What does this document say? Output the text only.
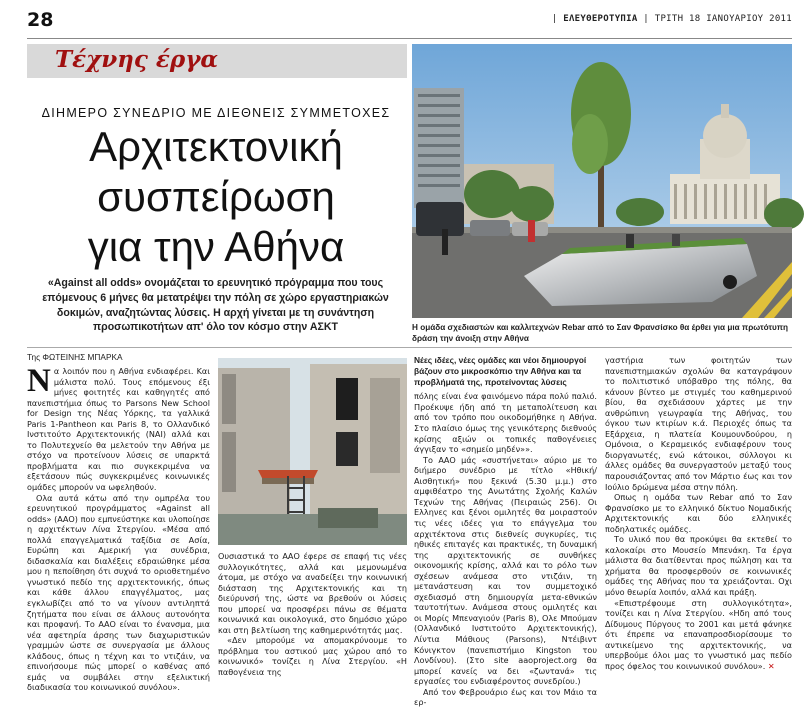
28	| ΕΛΕΥΘΕΡΟΤΥΠΙΑ | ΤΡΙΤΗ 18 ΙΑΝΟΥΑΡΙΟΥ 2011
Τέχνης έργα
ΔΙΗΜΕΡΟ ΣΥΝΕΔΡΙΟ ΜΕ ΔΙΕΘΝΕΙΣ ΣΥΜΜΕΤΟΧΕΣ
Αρχιτεκτονική
συσπείρωση
για την Αθήνα
«Against all odds» ονομάζεται το ερευνητικό πρόγραμμα που τους επόμενους 6 μήνες θα μετατρέψει την πόλη σε χώρο εργαστηριακών δοκιμών, αναζητώντας λύσεις. Η αρχή γίνεται με τη συνάντηση προσωπικοτήτων απ' όλο τον κόσμο στην ΑΣΚΤ	Η ομάδα σχεδιαστών και καλλιτεχνών Rebar από το Σαν Φρανσίσκο θα έρθει για μια πρωτότυπη δράση την άνοιξη στην Αθήνα
Της ΦΩΤΕΙΝΗΣ ΜΠΑΡΚΑ

Να λοιπόν που η Αθήνα ενδιαφέρει. Και μάλιστα πολύ. Τους επόμενους έξι μήνες φοιτητές και καθηγητές από πανεπιστήμια όπως το Parsons New School for Design της Νέας Υόρκης, τα γαλλικά Paris 1-Pantheon και Paris 8, το Ολλανδικό Ινστιτούτο Αρχιτεκτονικής (NAI) αλλά και το Πολυτεχνείο θα μελετούν την Αθήνα με στόχο να προτείνουν λύσεις σε υπαρκτά προβλήματα και πιο συγκεκριμένα να εξετάσουν πώς συγκεκριμένες κοινωνικές ομάδες μπορούν να ωφεληθούν.

Ολα αυτά κάτω από την ομπρέλα του ερευνητικού προγράμματος «Against all odds» (ΑΑΟ) που εμπνεύστηκε και υλοποίησε η αρχιτέκτων Λίνα Στεργίου. «Μέσα από πολλά επαγγελματικά ταξίδια σε Ασία, Ευρώπη και Αμερική για συνέδρια, διδασκαλία και διαλέξεις εδραιώθηκε μέσα μου η πεποίθηση ότι συχνά το οριοθετημένο γνωστικό πεδίο της αρχιτεκτονικής, όπως και κάθε άλλου επαγγέλματος, μας εγκλωβίζει από το να γίνουν αντιληπτά ζητήματα που είναι σε άλλους αυτονόητα και προφανή. Το ΑΑΟ είναι το ένανσμα, μια νέα αφετηρία άρσης των διαχωριστικών γραμμών ώστε σε συνεργασία με άλλους κλάδους, όπως η τέχνη και το ντιζάιν, να επινοήσουμε πώς μπορεί ο καθένας από εμάς να συμβάλει στην εξελικτική διαδικασία του κοινωνικού συνόλου».

Ουσιαστικά το ΑΑΟ έφερε σε επαφή τις νέες συλλογικότητες, αλλά και μεμονωμένα άτομα, με στόχο να αναδείξει την κοινωνική διάσταση της Αρχιτεκτονικής και τη διεύρυνσή της, ώστε να βρεθούν οι λύσεις που μπορεί να προσφέρει πάνω σε θέματα κοινωνικά και οικολογικά, στο δημόσιο χώρο και στη βελτίωση της καθημερινότητάς μας.

«Δεν μπορούμε να απομακρύνουμε το πρόβλημα του αστικού μας χώρου από το κοινωνικό» τονίζει η Λίνα Στεργίου. «Η παθογένεια της

Νέες ιδέες, νέες ομάδες και νέοι δημιουργοί βάζουν στο μικροσκόπιο την Αθήνα και τα προβλήματά της, προτείνοντας λύσεις

πόλης είναι ένα φαινόμενο πάρα πολύ παλιό. Προέκυψε ήδη από τη μεταπολίτευση και από τον τρόπο που οικοδομήθηκε η Αθήνα. Στο πλαίσιο όμως της γενικότερης διεθνούς κρίσης αξιών οι τοπικές παθογένειες άγγιξαν το «σημείο μηδέν»».

Το ΑΑΟ μάς «συστήνεται» αύριο με το διήμερο συνέδριο με τίτλο «Ηθική/Αισθητική» που ξεκινά (5.30 μ.μ.) στο αμφιθέατρο της Ανωτάτης Σχολής Καλών Τεχνών της Αθήνας (Πειραιώς 256). Οι Ελληνες και ξένοι ομιλητές θα μοιραστούν τις νέες ιδέες για το επάγγελμα του αρχιτέκτονα στις διεθνείς συγκυρίες, τις ηθικές επιταγές και πρακτικές, τη δυναμική της αρχιτεκτονικής σε συνθήκες οικονομικής κρίσης, αλλά και το ρόλο των σχέσεων ανάμεσα στο ντιζάιν, τη μετανάστευση και τον συμμετοχικό σχεδιασμό στη δημιουργία μετα-εθνικών ταυτοτήτων. Ανάμεσα στους ομιλητές και οι Μορίς Μπεναγιούν (Paris 8), Ολε Μπούμαν (Ολλανδικό Ινστιτούτο Αρχιτεκτονικής), Λίντια Μάθιους (Parsons), Ντέιβιντ Κόνιγκτον (πανεπιστήμιο Kingston του Λονδίνου). (Στο site aaoproject.org θα μπορεί κανείς να δει «ζωντανά» τις εργασίες του ενδιαφέροντος συνεδρίου.)

Από τον Φεβρουάριο έως και τον Μάιο τα ερ-

γαστήρια των φοιτητών των πανεπιστημιακών σχολών θα καταγράψουν το πολιτιστικό υπόβαθρο της πόλης, θα κάνουν βίντεο με στιγμές του καθημερινού βίου, θα σχεδιάσουν χάρτες με την ανθρώπινη γεωγραφία της Αθήνας, του όγκου των κτιρίων κ.ά. Περιοχές όπως τα Εξάρχεια, η πλατεία Κουμουνδούρου, η Ομόνοια, ο Κεραμεικός ενδιαφέρουν τους διοργανωτές, ενώ κάτοικοι, σύλλογοι κι άλλες ομάδες θα συνεργαστούν μεταξύ τους παρουσιάζοντας από τον Μάρτιο έως και τον Ιούλιο δρώμενα μέσα στην πόλη.

Οπως η ομάδα των Rebar από το Σαν Φρανσίσκο με το ελληνικό δίκτυο Νομαδικής Αρχιτεκτονικής και δύο ελληνικές ποδηλατικές ομάδες.

Το υλικό που θα προκύψει θα εκτεθεί το καλοκαίρι στο Μουσείο Μπενάκη. Τα έργα μάλιστα θα διατίθενται προς πώληση και τα χρήματα θα προσφερθούν σε κοινωνικές ομάδες της Αθήνας που τα χρειάζονται. Οχι μόνο θεωρία λοιπόν, αλλά και πράξη.

«Επιστρέφουμε στη συλλογικότητα», τονίζει και η Λίνα Στεργίου. «Ηδη από τους Δίδυμους Πύργους το 2001 και μετά φάνηκε ότι έπρεπε να επαναπροσδιορίσουμε το αντικείμενο της αρχιτεκτονικής, να υπερβούμε όλοι μας το γνωστικό μας πεδίο προς όφελος του κοινωνικού συνόλου». ✕
